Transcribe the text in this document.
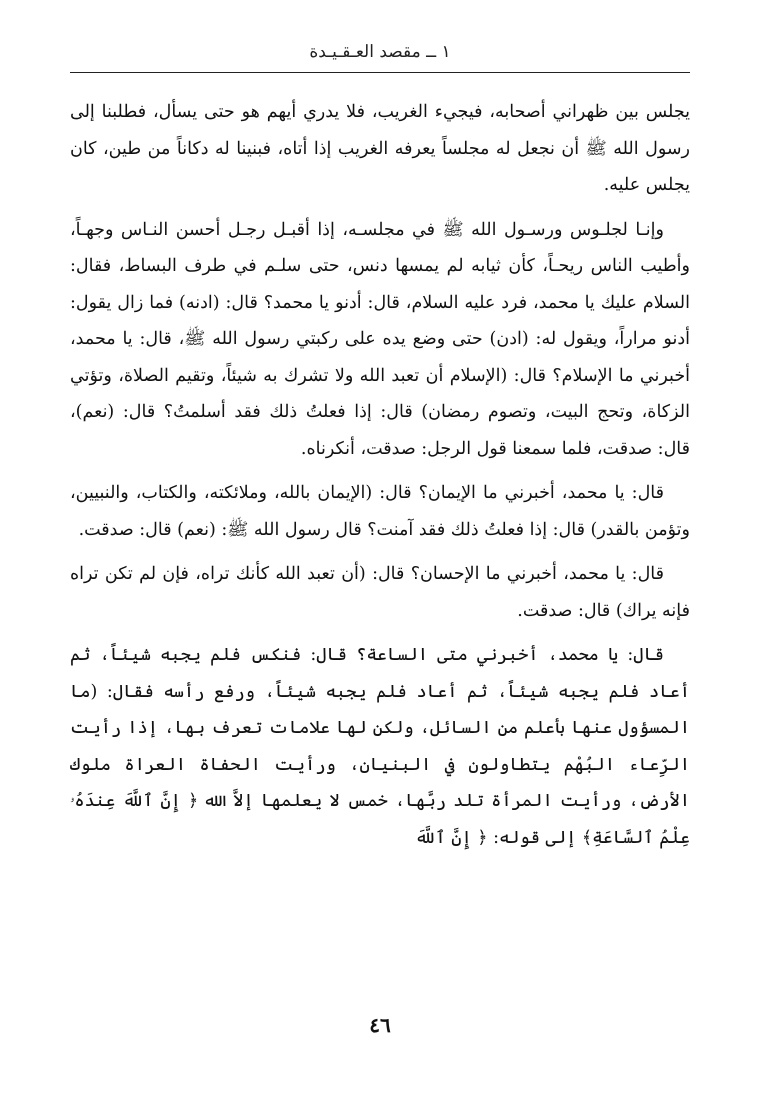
١ ــ مقصد العـقـيـدة

يجلس بين ظهراني أصحابه، فيجيء الغريب، فلا يدري أيهم هو حتى يسأل، فطلبنا إلى رسول الله ﷺ أن نجعل له مجلساً يعرفه الغريب إذا أتاه، فبنينا له دكاناً من طين، كان يجلس عليه.

وإنـا لجلـوس ورسـول الله ﷺ في مجلسـه، إذا أقبـل رجـل أحسن النـاس وجهـاً، وأطيب الناس ريحـاً، كأن ثيابه لم يمسها دنس، حتى سلـم في طرف البساط، فقال: السلام عليك يا محمد، فرد عليه السلام، قال: أدنو يا محمد؟ قال: (ادنه) فما زال يقول: أدنو مراراً، ويقول له: (ادن) حتى وضع يده على ركبتي رسول الله ﷺ، قال: يا محمد، أخبرني ما الإسلام؟ قال: (الإسلام أن تعبد الله ولا تشرك به شيئاً، وتقيم الصلاة، وتؤتي الزكاة، وتحج البيت، وتصوم رمضان) قال: إذا فعلتُ ذلك فقد أسلمتُ؟ قال: (نعم)، قال: صدقت، فلما سمعنا قول الرجل: صدقت، أنكرناه.

قال: يا محمد، أخبرني ما الإيمان؟ قال: (الإيمان بالله، وملائكته، والكتاب، والنبيين، وتؤمن بالقدر) قال: إذا فعلتُ ذلك فقد آمنت؟ قال رسول الله ﷺ: (نعم) قال: صدقت.

قال: يا محمد، أخبرني ما الإحسان؟ قال: (أن تعبد الله كأنك تراه، فإن لم تكن تراه فإنه يراك) قال: صدقت.

قال: يا محمد، أخبرني متى الساعة؟ قال: فنكس فلم يجبه شيئاً، ثم أعاد فلم يجبه شيئاً، ثم أعاد فلم يجبه شيئاً، ورفع رأسه فقال: (ما المسؤول عنها بأعلم من السائل، ولكن لها علامات تعرف بها، إذا رأيت الرِّعاء البُهْم يتطاولون في البنيان، ورأيت الحفاة العراة ملوك الأرض، ورأيت المرأة تلد ربَّها، خمس لا يعلمها إلاَّ الله ﴿ إِنَّ ٱللَّهَ عِندَهُۥ عِلْمُ ٱلسَّاعَةِ﴾ إلى قوله: ﴿ إِنَّ ٱللَّهَ

٤٦
